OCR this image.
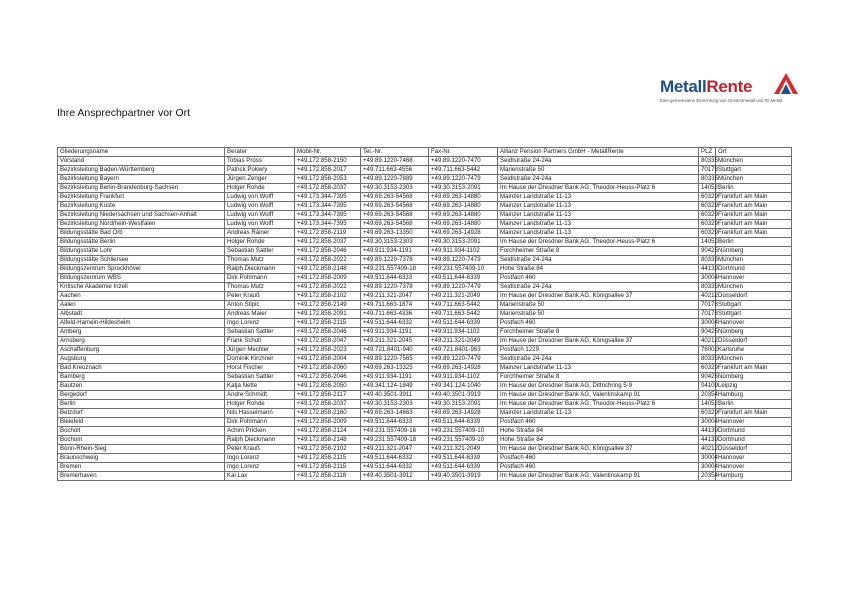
MetallRente
Eine gemeinsame Einrichtung von Gesamtmetall und IG Metall
Ihre Ansprechpartner vor Ort
Gliederungsname	Berater	Mobil-Nr.	Tel.-Nr.	Fax-Nr.	Allianz Pension Partners GmbH - MetallRente	PLZ	Ort
Vorstand	Tobias Pross	+49.172.858-2150	+49.89.1220-7468	+49.89.1220-7470	Seidlstraße 24-24a	80335	München
Bezirksleitung Baden-Württemberg	Patrick Pokwry	+49.172.858-2017	+49.711.663-4556	+49.711.663-5442	Marienstraße 50	70178	Stuttgart
Bezirksleitung Bayern	Jürgen Zenger	+49.172.858-2053	+49.89.1220-7889	+49.89.1220-7479	Seidlstraße 24-24a	80335	München
Bezirksleitung Berlin-Brandenburg-Sachsen	Holger Rohde	+49.172.858-2037	+49.30.3153-2303	+49.30.3153-2091	Im Hause der Dresdner Bank AG, Theodor-Heuss-Platz 6	14052	Berlin
Bezirksleitung Frankfurt	Ludwig von Wolff	+49.173.344-7395	+49.69.263-54568	+49.69.263-14880	Mainzer Landstraße 11-13	60329	Frankfurt am Main
Bezirksleitung Küste	Ludwig von Wolff	+49.173.344-7395	+49.69.263-54568	+49.69.263-14880	Mainzer Landstraße 11-13	60329	Frankfurt am Main
Bezirksleitung Niedersachsen und Sachsen-Anhalt	Ludwig von Wolff	+49.173.344-7395	+49.69.263-54568	+49.69.263-14880	Mainzer Landstraße 11-13	60329	Frankfurt am Main
Bezirksleitung Nordrhein-Westfalen	Ludwig von Wolff	+49.173.344-7395	+49.69.263-54568	+49.69.263-14880	Mainzer Landstraße 11-13	60329	Frankfurt am Main
Bildungsstätte Bad Orb	Andreas Rainer	+49.172.858-2119	+49.69.263-13350	+49.69.263-14928	Mainzer Landstraße 11-13	60329	Frankfurt am Main
Bildungsstätte Berlin	Holger Rohde	+49.172.858-2037	+49.30.3153-2303	+49.30.3153-2091	Im Hause der Dresdner Bank AG, Theodor-Heuss-Platz 6	14052	Berlin
Bildungsstätte Lohr	Sebastian Sattler	+49.172.858-2046	+49.911.934-1191	+49.911.934-1102	Forchheimer Straße 8	90425	Nürnberg
Bildungsstätte Schliersee	Thomas Mutz	+49.172.858-2022	+49.89.1220-7378	+49.89.1220-7479	Seidlstraße 24-24a	80335	München
Bildungszentrum Sprockhövel	Ralph Dieckmann	+49.172.858-2148	+49.231.557409-18	+49.231.557409-10	Hohe Straße 84	44139	Dortmund
Bildungszentrum WBS	Dirk Pohlmann	+49.172.858-2009	+49.511.644-6333	+49.511.644-6339	Postfach 460	30004	Hannover
Kritische Akademie Inzell	Thomas Mutz	+49.172.858-2022	+49.89.1220-7378	+49.89.1220-7479	Seidlstraße 24-24a	80335	München
Aachen	Peter Krauß	+49.172.858-2102	+49.211.321-2047	+49.211.321-2049	Im Hause der Dresdner Bank AG, Königsallee 37	40212	Düsseldorf
Aalen	Anton Stipic	+49.172.858-2149	+49.711.663-1874	+49.711.663-5442	Marienstraße 50	70178	Stuttgart
Albstadt	Andreas Maier	+49.172.858-2091	+49.711.663-4336	+49.711.663-5442	Marienstraße 50	70178	Stuttgart
Alfeld-Hameln-Hildesheim	Ingo Lorenz	+49.172.858-2115	+49.511.644-6332	+49.511.644-6339	Postfach 460	30004	Hannover
Amberg	Sebastian Sattler	+49.172.858-2046	+49.911.934-1191	+49.911.934-1102	Forchheimer Straße 8	90425	Nürnberg
Arnsberg	Frank Scholl	+49.172.858-2047	+49.211.321-2045	+49.211.321-2049	Im Hause der Dresdner Bank AG, Königsallee 37	40212	Düsseldorf
Aschaffenburg	Jürgen Mechler	+49.172.858-2023	+49.721.8401-940	+49.721.8401-963	Postfach 1229	76002	Karlsruhe
Augsburg	Dominik Kirchner	+49.172.858-2004	+49.89.1220-7565	+49.89.1220-7479	Seidlstraße 24-24a	80335	München
Bad Kreuznach	Horst Fischer	+49.172.858-2060	+49.69.263-13325	+49.69.263-14928	Mainzer Landstraße 11-13	60329	Frankfurt am Main
Bamberg	Sebastian Sattler	+49.172.858-2046	+49.911.934-1191	+49.911.934-1102	Forchheimer Straße 8	90425	Nürnberg
Bautzen	Katja Nette	+49.172.858-2050	+49.341.124-1849	+49.341.124-1040	Im Hause der Dresdner Bank AG, Dittrichring 5-9	04109	Leipzig
Bergedorf	Andre Schmidt	+49.172.858-2117	+49.40.3501-3911	+49.40.3501-3919	Im Hause der Dresdner Bank AG, Valentinskamp 91	20354	Hamburg
Berlin	Holger Rohde	+49.172.858-2037	+49.30.3153-2303	+49.30.3153-2091	Im Hause der Dresdner Bank AG, Theodor-Heuss-Platz 6	14052	Berlin
Betzdorf	Nils Hasselmann	+49.172.858-2160	+49.69.263-14663	+49.69.263-14928	Mainzer Landstraße 11-13	60329	Frankfurt am Main
Bielefeld	Dirk Pohlmann	+49.172.858-2009	+49.511.644-6333	+49.511.644-6339	Postfach 460	30004	Hannover
Bocholt	Achim Pricken	+49.172.858-2124	+49.231.557409-16	+49.231.557409-10	Hohe Straße 84	44139	Dortmund
Bochum	Ralph Dieckmann	+49.172.858-2148	+49.231.557409-18	+49.231.557409-10	Hohe Straße 84	44139	Dortmund
Bonn-Rhein-Sieg	Peter Krauß	+49.172.858-2102	+49.211.321-2047	+49.211.321-2049	Im Hause der Dresdner Bank AG, Königsallee 37	40212	Düsseldorf
Braunschweig	Ingo Lorenz	+49.172.858-2115	+49.511.644-6332	+49.511.644-6339	Postfach 460	30004	Hannover
Bremen	Ingo Lorenz	+49.172.858-2115	+49.511.644-6332	+49.511.644-6339	Postfach 460	30004	Hannover
Bremerhaven	Kai Lax	+49.172.858-2118	+49.40.3501-3912	+49.40.3501-3919	Im Hause der Dresdner Bank AG, Valentinskamp 91	20354	Hamburg
